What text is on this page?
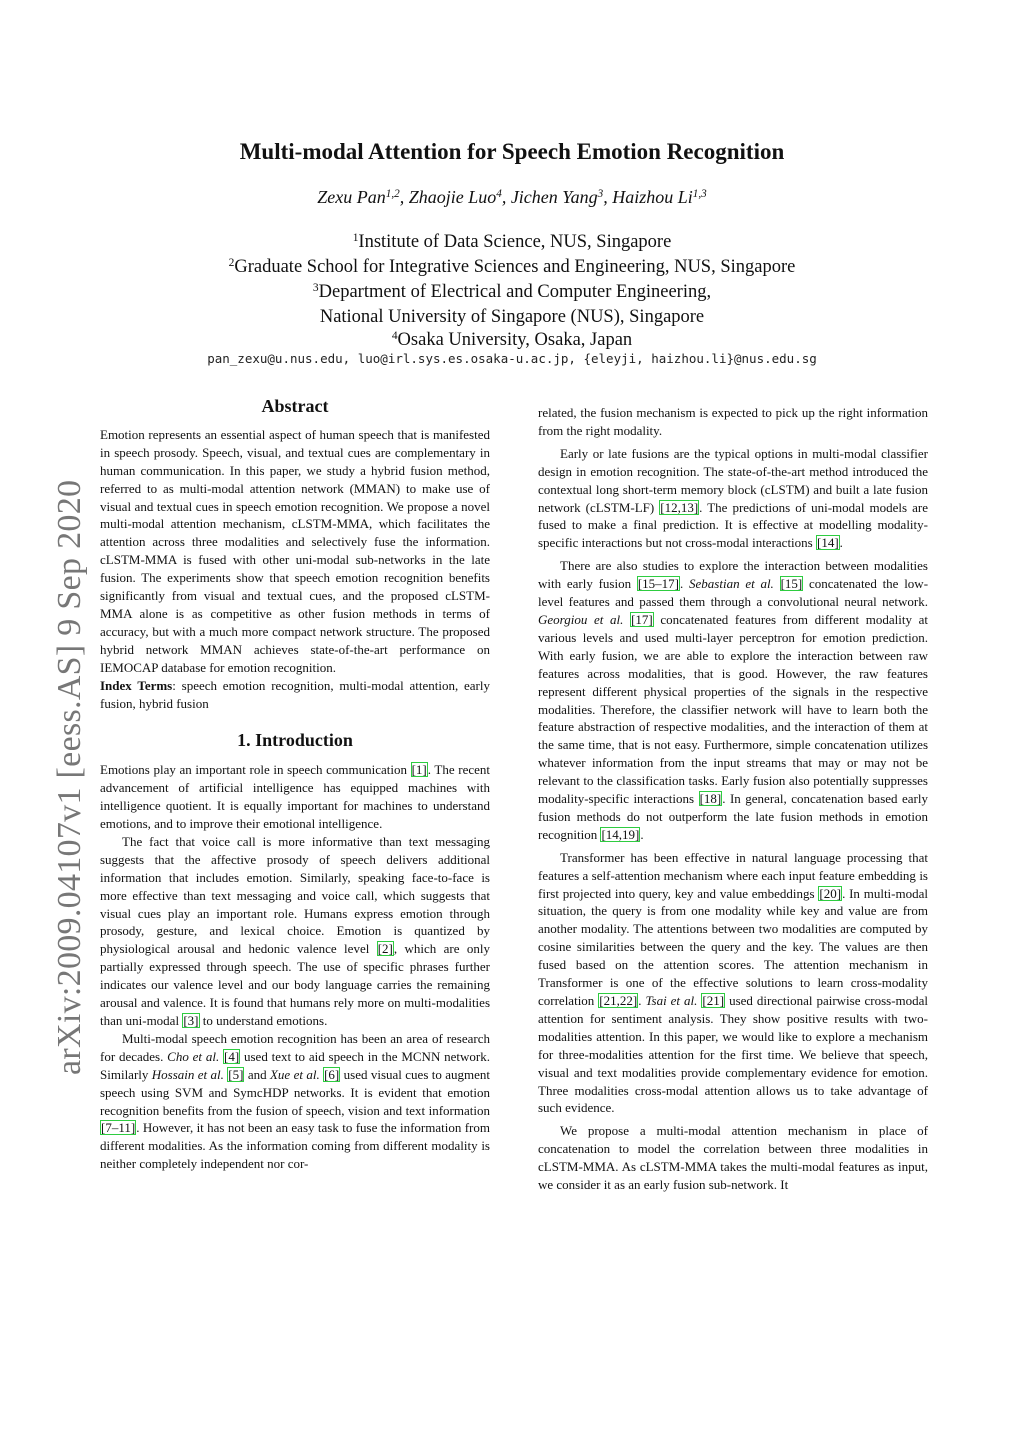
arXiv:2009.04107v1 [eess.AS] 9 Sep 2020
Multi-modal Attention for Speech Emotion Recognition
Zexu Pan$^{1,2}$, Zhaojie Luo$^4$, Jichen Yang$^3$, Haizhou Li$^{1,3}$
$^1$Institute of Data Science, NUS, Singapore
$^2$Graduate School for Integrative Sciences and Engineering, NUS, Singapore
$^3$Department of Electrical and Computer Engineering,
National University of Singapore (NUS), Singapore
$^4$Osaka University, Osaka, Japan
pan_zexu@u.nus.edu, luo@irl.sys.es.osaka-u.ac.jp, {eleyji, haizhou.li}@nus.edu.sg
Abstract

Emotion represents an essential aspect of human speech that is manifested in speech prosody. Speech, visual, and textual cues are complementary in human communication. In this paper, we study a hybrid fusion method, referred to as multi-modal attention network (MMAN) to make use of visual and textual cues in speech emotion recognition. We propose a novel multi-modal attention mechanism, cLSTM-MMA, which facilitates the attention across three modalities and selectively fuse the information. cLSTM-MMA is fused with other uni-modal sub-networks in the late fusion. The experiments show that speech emotion recognition benefits significantly from visual and textual cues, and the proposed cLSTM-MMA alone is as competitive as other fusion methods in terms of accuracy, but with a much more compact network structure. The proposed hybrid network MMAN achieves state-of-the-art performance on IEMOCAP database for emotion recognition.

Index Terms: speech emotion recognition, multi-modal attention, early fusion, hybrid fusion

1. Introduction

Emotions play an important role in speech communication [1]. The recent advancement of artificial intelligence has equipped machines with intelligence quotient. It is equally important for machines to understand emotions, and to improve their emotional intelligence.

The fact that voice call is more informative than text messaging suggests that the affective prosody of speech delivers additional information that includes emotion. Similarly, speaking face-to-face is more effective than text messaging and voice call, which suggests that visual cues play an important role. Humans express emotion through prosody, gesture, and lexical choice. Emotion is quantized by physiological arousal and hedonic valence level [2], which are only partially expressed through speech. The use of specific phrases further indicates our valence level and our body language carries the remaining arousal and valence. It is found that humans rely more on multi-modalities than uni-modal [3] to understand emotions.

Multi-modal speech emotion recognition has been an area of research for decades. Cho et al. [4] used text to aid speech in the MCNN network. Similarly Hossain et al. [5] and Xue et al. [6] used visual cues to augment speech using SVM and SymcHDP networks. It is evident that emotion recognition benefits from the fusion of speech, vision and text information [7–11]. However, it has not been an easy task to fuse the information from different modalities. As the information coming from different modality is neither completely independent nor cor-

related, the fusion mechanism is expected to pick up the right information from the right modality.

Early or late fusions are the typical options in multi-modal classifier design in emotion recognition. The state-of-the-art method introduced the contextual long short-term memory block (cLSTM) and built a late fusion network (cLSTM-LF) [12,13]. The predictions of uni-modal models are fused to make a final prediction. It is effective at modelling modality-specific interactions but not cross-modal interactions [14].

There are also studies to explore the interaction between modalities with early fusion [15–17]. Sebastian et al. [15] concatenated the low-level features and passed them through a convolutional neural network. Georgiou et al. [17] concatenated features from different modality at various levels and used multi-layer perceptron for emotion prediction. With early fusion, we are able to explore the interaction between raw features across modalities, that is good. However, the raw features represent different physical properties of the signals in the respective modalities. Therefore, the classifier network will have to learn both the feature abstraction of respective modalities, and the interaction of them at the same time, that is not easy. Furthermore, simple concatenation utilizes whatever information from the input streams that may or may not be relevant to the classification tasks. Early fusion also potentially suppresses modality-specific interactions [18]. In general, concatenation based early fusion methods do not outperform the late fusion methods in emotion recognition [14,19].

Transformer has been effective in natural language processing that features a self-attention mechanism where each input feature embedding is first projected into query, key and value embeddings [20]. In multi-modal situation, the query is from one modality while key and value are from another modality. The attentions between two modalities are computed by cosine similarities between the query and the key. The values are then fused based on the attention scores. The attention mechanism in Transformer is one of the effective solutions to learn cross-modality correlation [21,22]. Tsai et al. [21] used directional pairwise cross-modal attention for sentiment analysis. They show positive results with two-modalities attention. In this paper, we would like to explore a mechanism for three-modalities attention for the first time. We believe that speech, visual and text modalities provide complementary evidence for emotion. Three modalities cross-modal attention allows us to take advantage of such evidence.

We propose a multi-modal attention mechanism in place of concatenation to model the correlation between three modalities in cLSTM-MMA. As cLSTM-MMA takes the multi-modal features as input, we consider it as an early fusion sub-network. It
